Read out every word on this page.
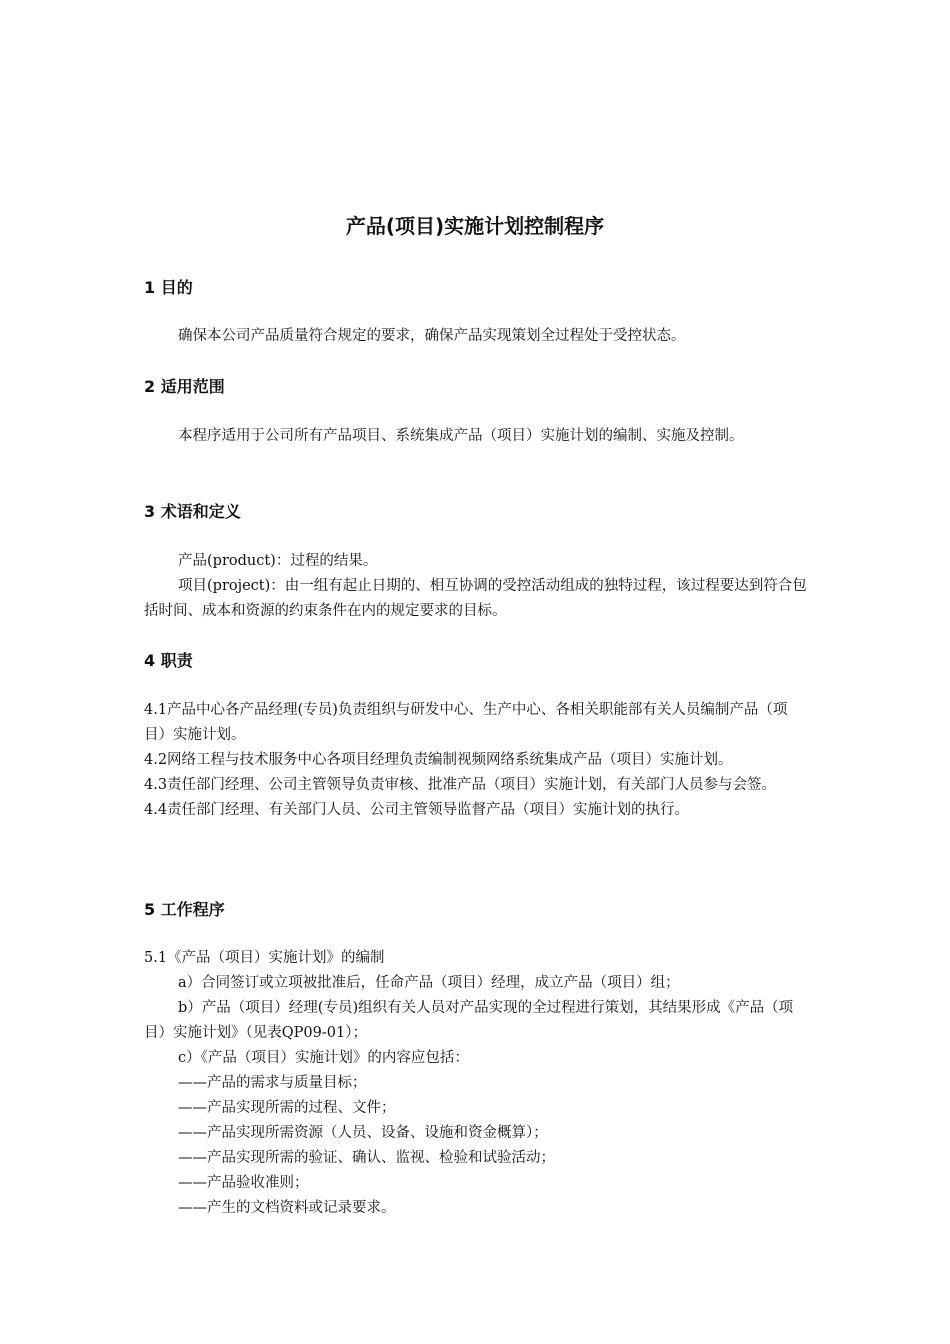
产品(项目)实施计划控制程序
1 目的

确保本公司产品质量符合规定的要求，确保产品实现策划全过程处于受控状态。

2 适用范围

本程序适用于公司所有产品项目、系统集成产品（项目）实施计划的编制、实施及控制。

3 术语和定义

产品(product)：过程的结果。

项目(project)：由一组有起止日期的、相互协调的受控活动组成的独特过程，该过程要达到符合包括时间、成本和资源的约束条件在内的规定要求的目标。

4 职责

4.1产品中心各产品经理(专员)负责组织与研发中心、生产中心、各相关职能部有关人员编制产品（项目）实施计划。

4.2网络工程与技术服务中心各项目经理负责编制视频网络系统集成产品（项目）实施计划。

4.3责任部门经理、公司主管领导负责审核、批准产品（项目）实施计划，有关部门人员参与会签。

4.4责任部门经理、有关部门人员、公司主管领导监督产品（项目）实施计划的执行。

5 工作程序

5.1《产品（项目）实施计划》的编制

a）合同签订或立项被批准后，任命产品（项目）经理，成立产品（项目）组；

b）产品（项目）经理(专员)组织有关人员对产品实现的全过程进行策划，其结果形成《产品（项目）实施计划》（见表QP09-01）；

c）《产品（项目）实施计划》的内容应包括：

——产品的需求与质量目标；
——产品实现所需的过程、文件；
——产品实现所需资源（人员、设备、设施和资金概算）；
——产品实现所需的验证、确认、监视、检验和试验活动；
——产品验收准则；
——产生的文档资料或记录要求。
